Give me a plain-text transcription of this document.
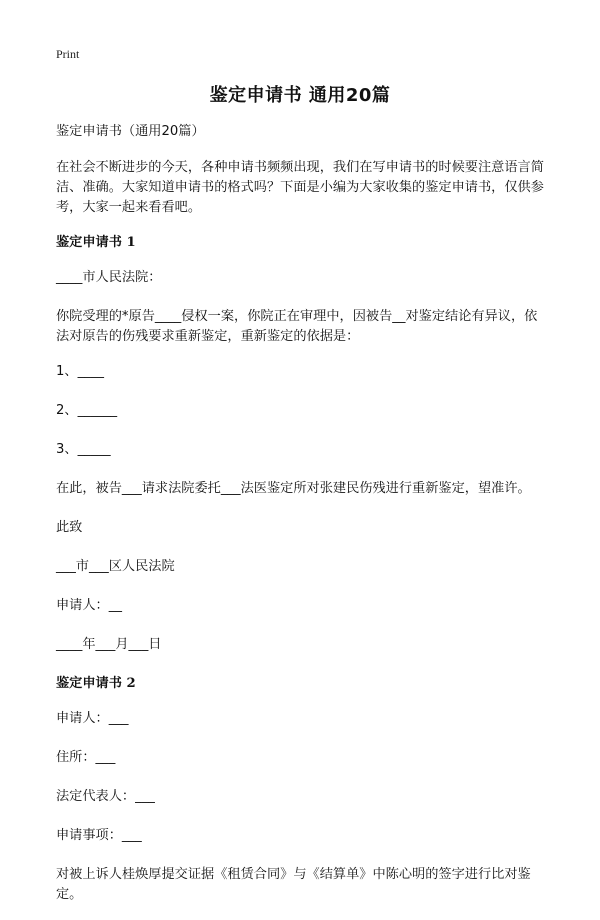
Print
鉴定申请书 通用20篇

鉴定申请书（通用20篇）

在社会不断进步的今天，各种申请书频频出现，我们在写申请书的时候要注意语言简洁、准确。大家知道申请书的格式吗？下面是小编为大家收集的鉴定申请书，仅供参考，大家一起来看看吧。

鉴定申请书 1

____市人民法院：

你院受理的*原告____侵权一案，你院正在审理中，因被告__对鉴定结论有异议，依法对原告的伤残要求重新鉴定，重新鉴定的依据是：

1、____

2、______

3、_____

在此，被告___请求法院委托___法医鉴定所对张建民伤残进行重新鉴定，望准许。

此致

___市___区人民法院

申请人：__

____年___月___日

鉴定申请书 2

申请人：___

住所：___

法定代表人：___

申请事项：___

对被上诉人桂焕厚提交证据《租赁合同》与《结算单》中陈心明的签字进行比对鉴定。
